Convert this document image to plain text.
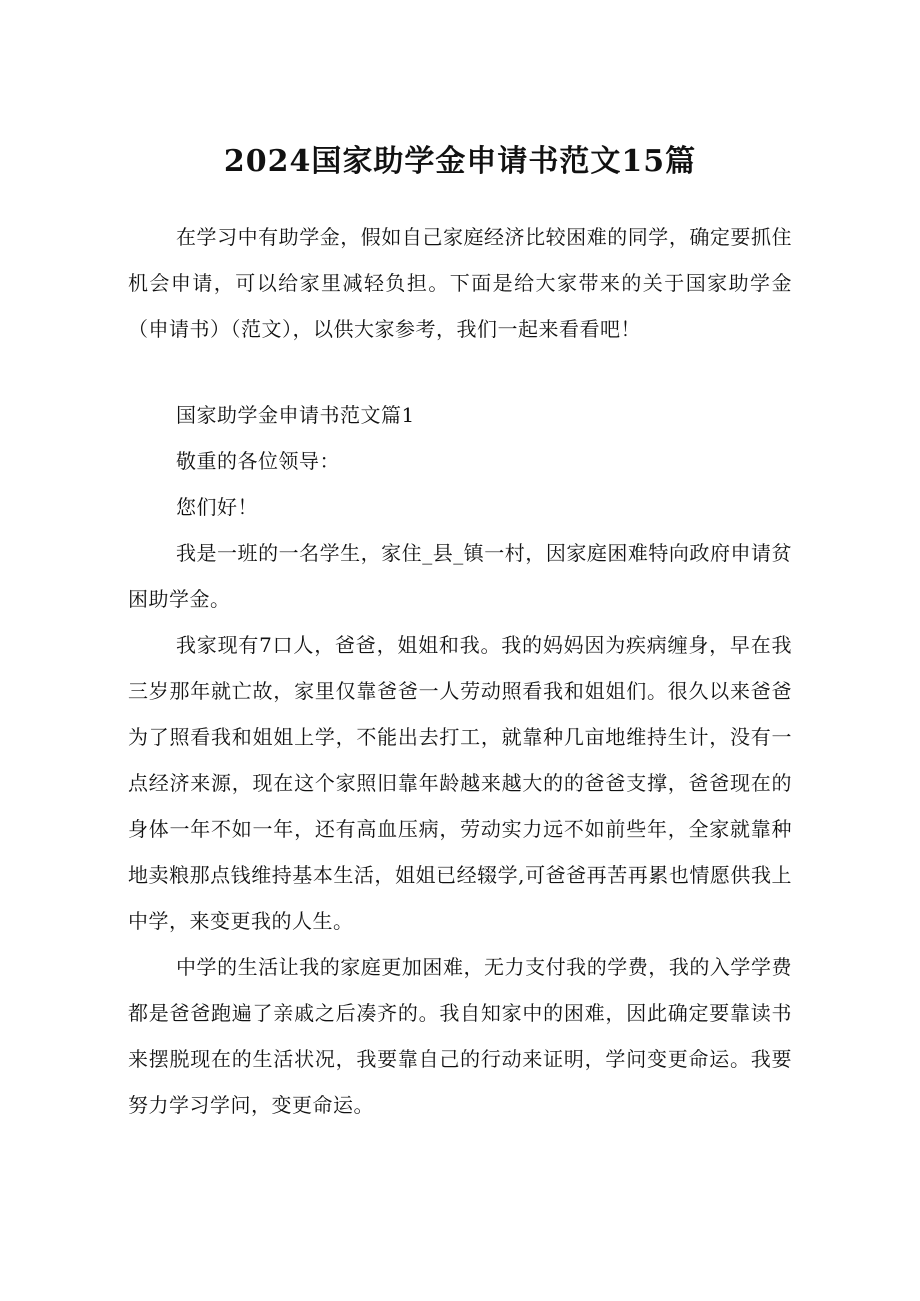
2024国家助学金申请书范文15篇

在学习中有助学金，假如自己家庭经济比较困难的同学，确定要抓住机会申请，可以给家里减轻负担。下面是给大家带来的关于国家助学金（申请书）（范文），以供大家参考，我们一起来看看吧！

国家助学金申请书范文篇1

敬重的各位领导：

您们好！

我是一班的一名学生，家住_县_镇一村，因家庭困难特向政府申请贫困助学金。

我家现有7口人，爸爸，姐姐和我。我的妈妈因为疾病缠身，早在我三岁那年就亡故，家里仅靠爸爸一人劳动照看我和姐姐们。很久以来爸爸为了照看我和姐姐上学，不能出去打工，就靠种几亩地维持生计，没有一点经济来源，现在这个家照旧靠年龄越来越大的的爸爸支撑，爸爸现在的身体一年不如一年，还有高血压病，劳动实力远不如前些年，全家就靠种地卖粮那点钱维持基本生活，姐姐已经辍学,可爸爸再苦再累也情愿供我上中学，来变更我的人生。

中学的生活让我的家庭更加困难，无力支付我的学费，我的入学学费都是爸爸跑遍了亲戚之后凑齐的。我自知家中的困难，因此确定要靠读书来摆脱现在的生活状况，我要靠自己的行动来证明，学问变更命运。我要努力学习学问，变更命运。
